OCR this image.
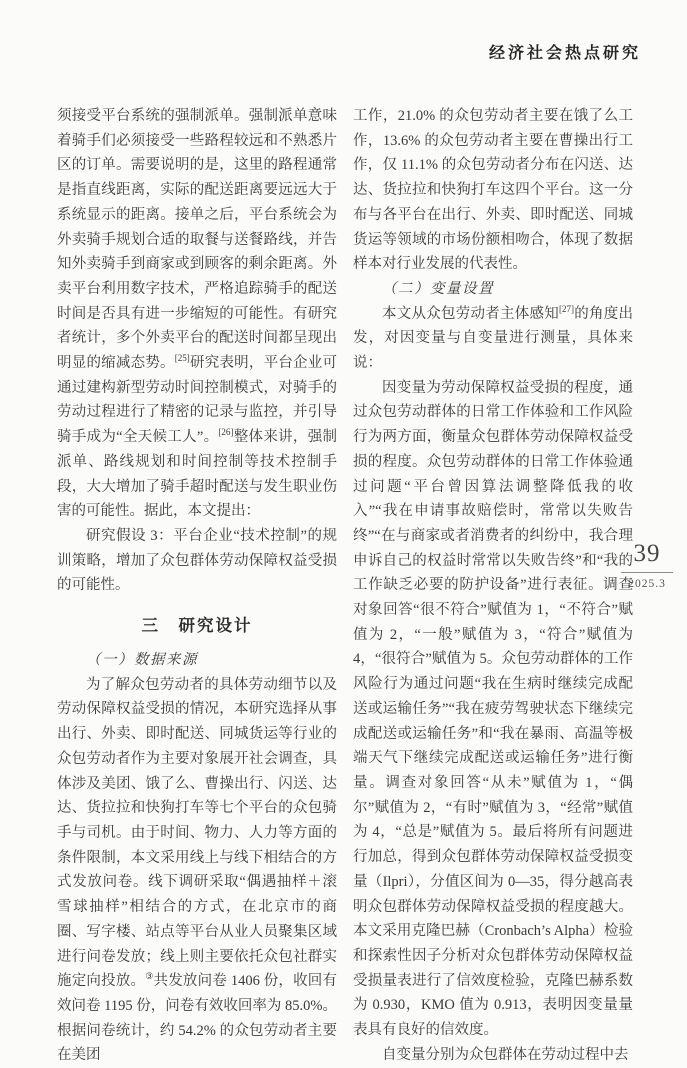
经济社会热点研究

须接受平台系统的强制派单。强制派单意味着骑手们必须接受一些路程较远和不熟悉片区的订单。需要说明的是，这里的路程通常是指直线距离，实际的配送距离要远远大于系统显示的距离。接单之后，平台系统会为外卖骑手规划合适的取餐与送餐路线，并告知外卖骑手到商家或到顾客的剩余距离。外卖平台利用数字技术，严格追踪骑手的配送时间是否具有进一步缩短的可能性。有研究者统计，多个外卖平台的配送时间都呈现出明显的缩减态势。[25]研究表明，平台企业可通过建构新型劳动时间控制模式，对骑手的劳动过程进行了精密的记录与监控，并引导骑手成为“全天候工人”。[26]整体来讲，强制派单、路线规划和时间控制等技术控制手段，大大增加了骑手超时配送与发生职业伤害的可能性。据此，本文提出：

研究假设 3：平台企业“技术控制”的规训策略，增加了众包群体劳动保障权益受损的可能性。

三　研究设计
（一）数据来源

为了解众包劳动者的具体劳动细节以及劳动保障权益受损的情况，本研究选择从事出行、外卖、即时配送、同城货运等行业的众包劳动者作为主要对象展开社会调查，具体涉及美团、饿了么、曹操出行、闪送、达达、货拉拉和快狗打车等七个平台的众包骑手与司机。由于时间、物力、人力等方面的条件限制，本文采用线上与线下相结合的方式发放问卷。线下调研采取“偶遇抽样＋滚雪球抽样”相结合的方式，在北京市的商圈、写字楼、站点等平台从业人员聚集区域进行问卷发放；线上则主要依托众包社群实施定向投放。③共发放问卷 1406 份，收回有效问卷 1195 份，问卷有效收回率为 85.0%。根据问卷统计，约 54.2% 的众包劳动者主要在美团

工作，21.0% 的众包劳动者主要在饿了么工作，13.6% 的众包劳动者主要在曹操出行工作，仅 11.1% 的众包劳动者分布在闪送、达达、货拉拉和快狗打车这四个平台。这一分布与各平台在出行、外卖、即时配送、同城货运等领域的市场份额相吻合，体现了数据样本对行业发展的代表性。

（二）变量设置

本文从众包劳动者主体感知[27]的角度出发，对因变量与自变量进行测量，具体来说：

因变量为劳动保障权益受损的程度，通过众包劳动群体的日常工作体验和工作风险行为两方面，衡量众包群体劳动保障权益受损的程度。众包劳动群体的日常工作体验通过问题“平台曾因算法调整降低我的收入”“我在申请事故赔偿时，常常以失败告终”“在与商家或者消费者的纠纷中，我合理申诉自己的权益时常常以失败告终”和“我的工作缺乏必要的防护设备”进行表征。调查对象回答“很不符合”赋值为 1，“不符合”赋值为 2，“一般”赋值为 3，“符合”赋值为 4，“很符合”赋值为 5。众包劳动群体的工作风险行为通过问题“我在生病时继续完成配送或运输任务”“我在疲劳驾驶状态下继续完成配送或运输任务”和“我在暴雨、高温等极端天气下继续完成配送或运输任务”进行衡量。调查对象回答“从未”赋值为 1，“偶尔”赋值为 2，“有时”赋值为 3，“经常”赋值为 4，“总是”赋值为 5。最后将所有问题进行加总，得到众包群体劳动保障权益受损变量（Ilpri），分值区间为 0—35，得分越高表明众包群体劳动保障权益受损的程度越大。本文采用克隆巴赫（Cronbach’s Alpha）检验和探索性因子分析对众包群体劳动保障权益受损量表进行了信效度检验，克隆巴赫系数为 0.930，KMO 值为 0.913，表明因变量量表具有良好的信效度。

自变量分别为众包群体在劳动过程中去

39
2025.3
